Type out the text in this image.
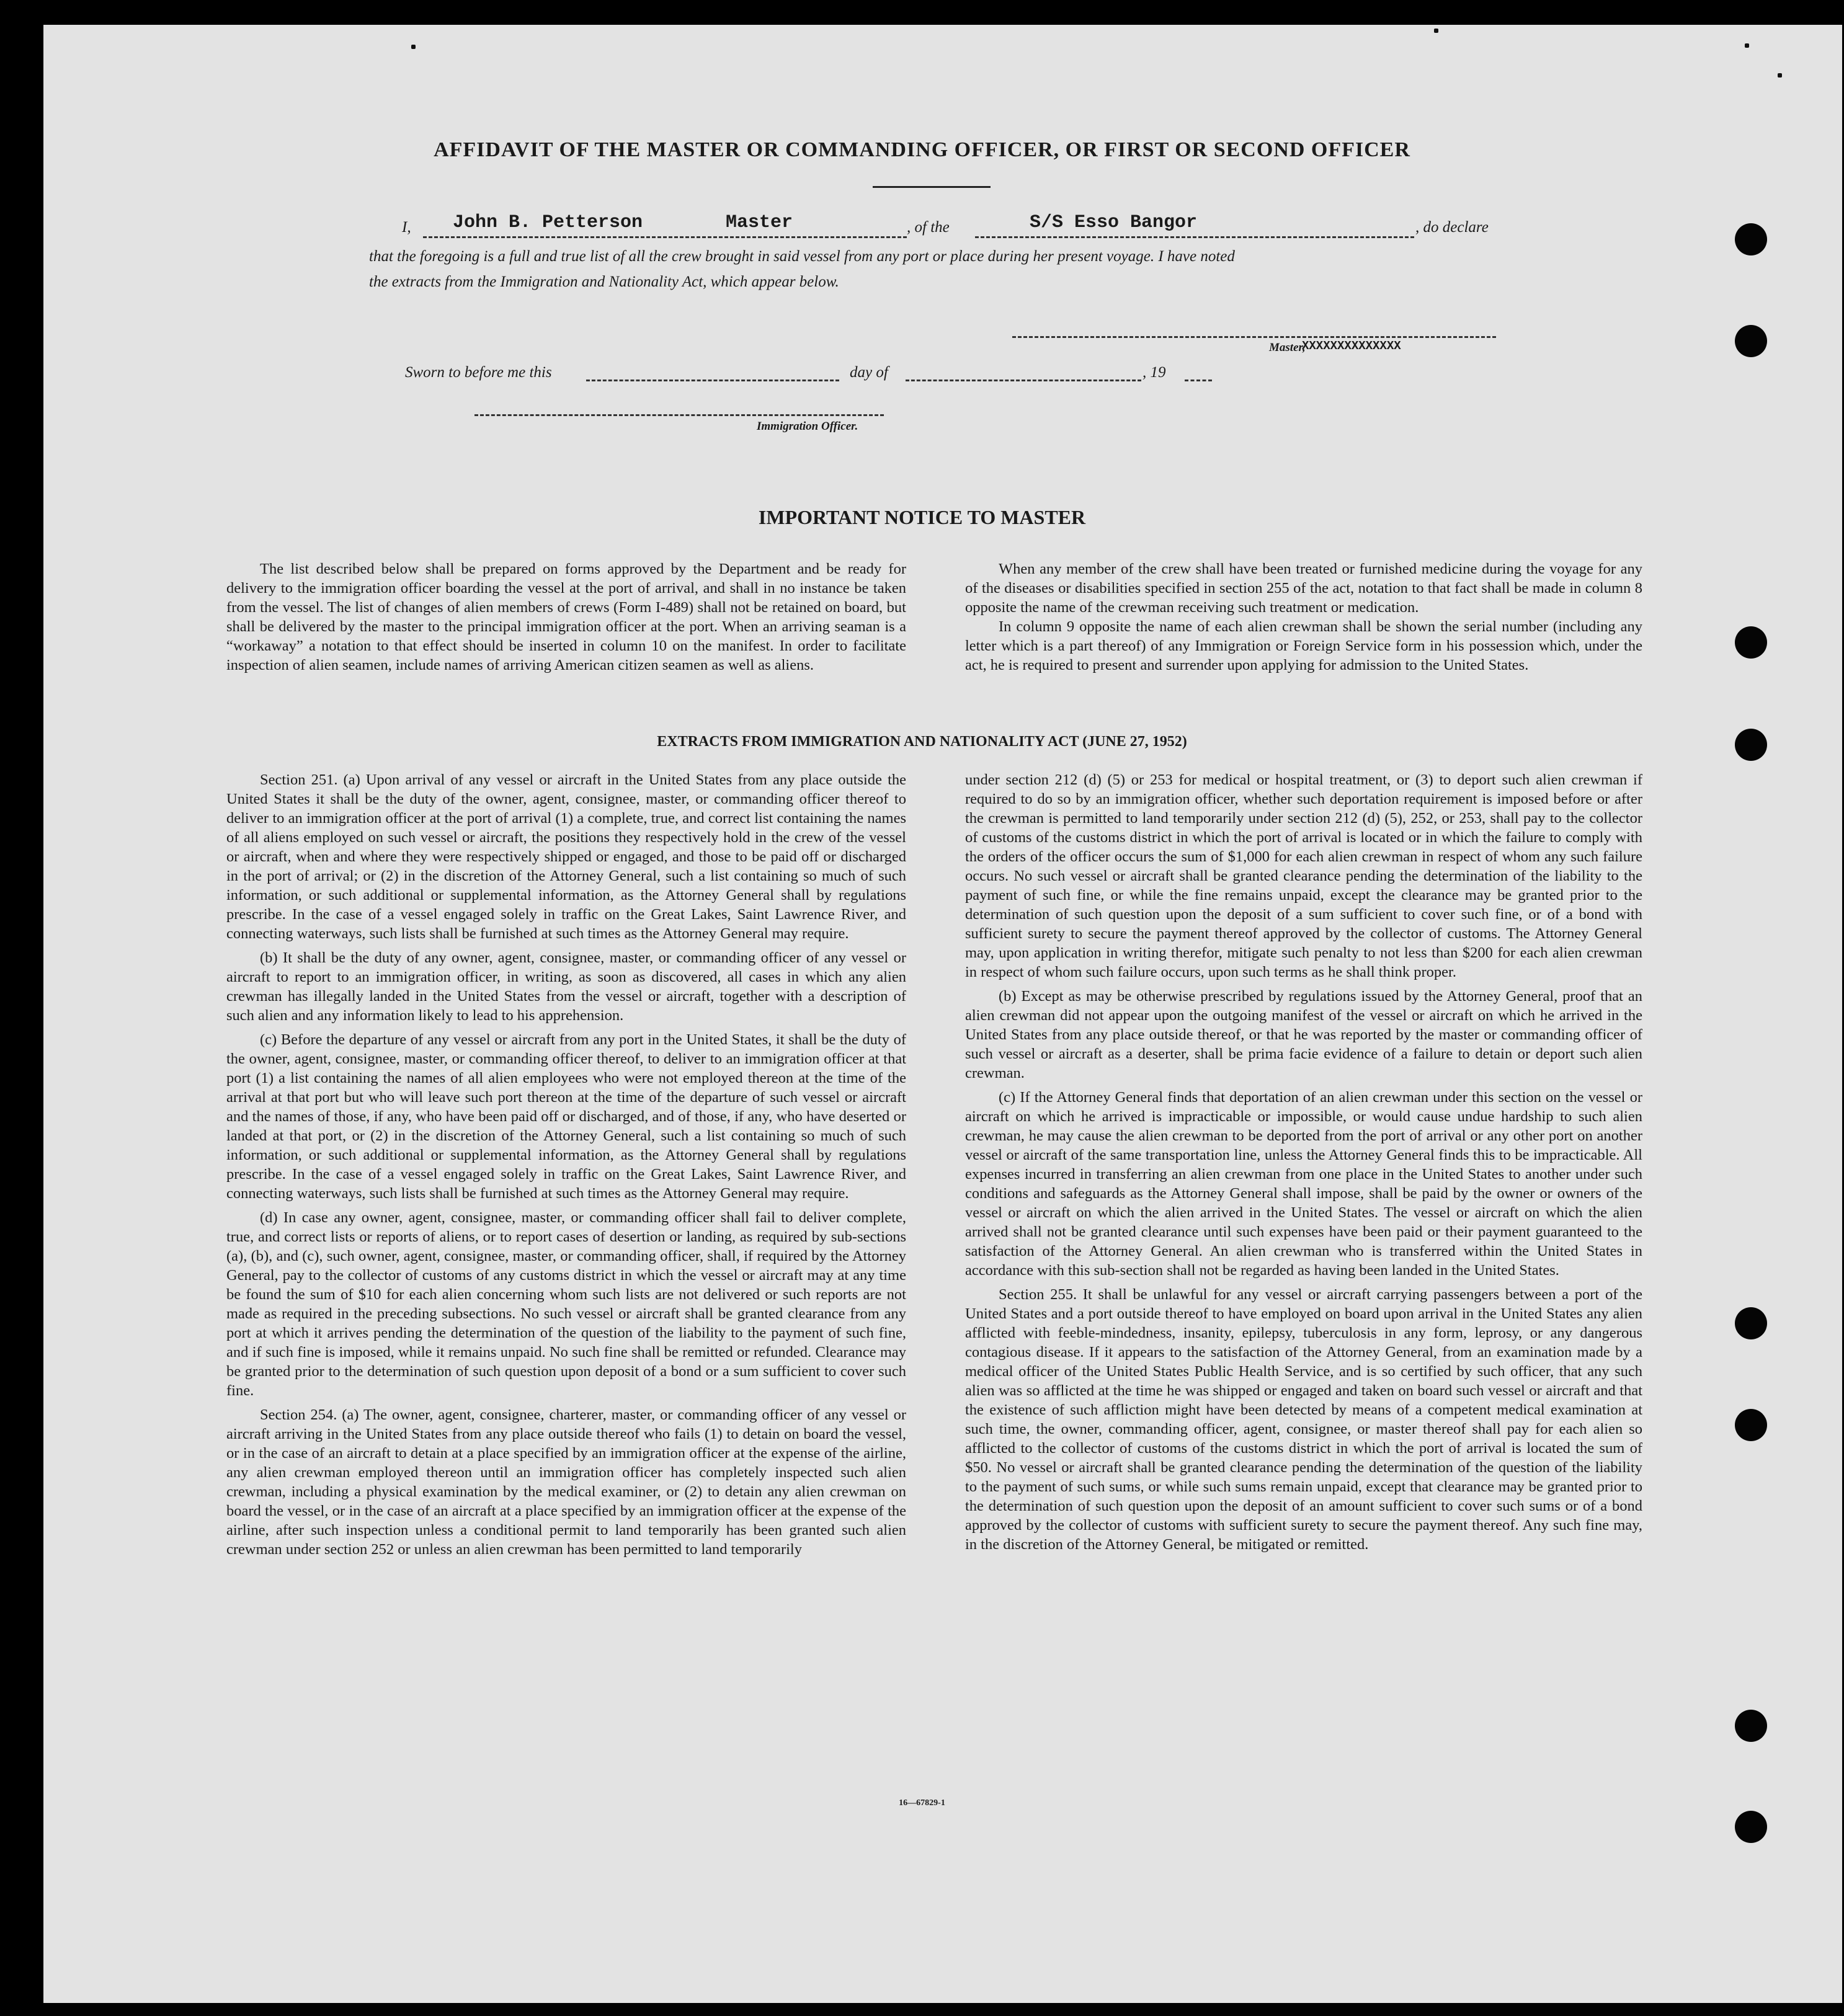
AFFIDAVIT OF THE MASTER OR COMMANDING OFFICER, OR FIRST OR SECOND OFFICER
I, John B. Petterson	Master	, of the	S/S Esso Bangor	, do declare
that the foregoing is a full and true list of all the crew brought in said vessel from any port or place during her present voyage. I have noted
the extracts from the Immigration and Nationality Act, which appear below.
Master,
XXXXXXXXXXXXXX
Sworn to before me this	day of	, 19
Immigration Officer.
IMPORTANT NOTICE TO MASTER

The list described below shall be prepared on forms approved by the Department and be ready for delivery to the immigration officer boarding the vessel at the port of arrival, and shall in no instance be taken from the vessel. The list of changes of alien members of crews (Form I-489) shall not be retained on board, but shall be delivered by the master to the principal immigration officer at the port. When an arriving seaman is a “workaway” a notation to that effect should be inserted in column 10 on the manifest. In order to facilitate inspection of alien seamen, include names of arriving American citizen seamen as well as aliens.

When any member of the crew shall have been treated or furnished medicine during the voyage for any of the diseases or disabilities specified in section 255 of the act, notation to that fact shall be made in column 8 opposite the name of the crewman receiving such treatment or medication.

In column 9 opposite the name of each alien crewman shall be shown the serial number (including any letter which is a part thereof) of any Immigration or Foreign Service form in his possession which, under the act, he is required to present and surrender upon applying for admission to the United States.

EXTRACTS FROM IMMIGRATION AND NATIONALITY ACT (JUNE 27, 1952)

Section 251. (a) Upon arrival of any vessel or aircraft in the United States from any place outside the United States it shall be the duty of the owner, agent, consignee, master, or commanding officer thereof to deliver to an immigration officer at the port of arrival (1) a complete, true, and correct list containing the names of all aliens employed on such vessel or aircraft, the positions they respectively hold in the crew of the vessel or aircraft, when and where they were respectively shipped or engaged, and those to be paid off or discharged in the port of arrival; or (2) in the discretion of the Attorney General, such a list containing so much of such information, or such additional or supplemental information, as the Attorney General shall by regulations prescribe. In the case of a vessel engaged solely in traffic on the Great Lakes, Saint Lawrence River, and connecting waterways, such lists shall be furnished at such times as the Attorney General may require.

(b) It shall be the duty of any owner, agent, consignee, master, or commanding officer of any vessel or aircraft to report to an immigration officer, in writing, as soon as discovered, all cases in which any alien crewman has illegally landed in the United States from the vessel or aircraft, together with a description of such alien and any information likely to lead to his apprehension.

(c) Before the departure of any vessel or aircraft from any port in the United States, it shall be the duty of the owner, agent, consignee, master, or commanding officer thereof, to deliver to an immigration officer at that port (1) a list containing the names of all alien employees who were not employed thereon at the time of the arrival at that port but who will leave such port thereon at the time of the departure of such vessel or aircraft and the names of those, if any, who have been paid off or discharged, and of those, if any, who have deserted or landed at that port, or (2) in the discretion of the Attorney General, such a list containing so much of such information, or such additional or supplemental information, as the Attorney General shall by regulations prescribe. In the case of a vessel engaged solely in traffic on the Great Lakes, Saint Lawrence River, and connecting waterways, such lists shall be furnished at such times as the Attorney General may require.

(d) In case any owner, agent, consignee, master, or commanding officer shall fail to deliver complete, true, and correct lists or reports of aliens, or to report cases of desertion or landing, as required by sub-sections (a), (b), and (c), such owner, agent, consignee, master, or commanding officer, shall, if required by the Attorney General, pay to the collector of customs of any customs district in which the vessel or aircraft may at any time be found the sum of $10 for each alien concerning whom such lists are not delivered or such reports are not made as required in the preceding subsections. No such vessel or aircraft shall be granted clearance from any port at which it arrives pending the determination of the question of the liability to the payment of such fine, and if such fine is imposed, while it remains unpaid. No such fine shall be remitted or refunded. Clearance may be granted prior to the determination of such question upon deposit of a bond or a sum sufficient to cover such fine.

Section 254. (a) The owner, agent, consignee, charterer, master, or commanding officer of any vessel or aircraft arriving in the United States from any place outside thereof who fails (1) to detain on board the vessel, or in the case of an aircraft to detain at a place specified by an immigration officer at the expense of the airline, any alien crewman employed thereon until an immigration officer has completely inspected such alien crewman, including a physical examination by the medical examiner, or (2) to detain any alien crewman on board the vessel, or in the case of an aircraft at a place specified by an immigration officer at the expense of the airline, after such inspection unless a conditional permit to land temporarily has been granted such alien crewman under section 252 or unless an alien crewman has been permitted to land temporarily

under section 212 (d) (5) or 253 for medical or hospital treatment, or (3) to deport such alien crewman if required to do so by an immigration officer, whether such deportation requirement is imposed before or after the crewman is permitted to land temporarily under section 212 (d) (5), 252, or 253, shall pay to the collector of customs of the customs district in which the port of arrival is located or in which the failure to comply with the orders of the officer occurs the sum of $1,000 for each alien crewman in respect of whom any such failure occurs. No such vessel or aircraft shall be granted clearance pending the determination of the liability to the payment of such fine, or while the fine remains unpaid, except the clearance may be granted prior to the determination of such question upon the deposit of a sum sufficient to cover such fine, or of a bond with sufficient surety to secure the payment thereof approved by the collector of customs. The Attorney General may, upon application in writing therefor, mitigate such penalty to not less than $200 for each alien crewman in respect of whom such failure occurs, upon such terms as he shall think proper.

(b) Except as may be otherwise prescribed by regulations issued by the Attorney General, proof that an alien crewman did not appear upon the outgoing manifest of the vessel or aircraft on which he arrived in the United States from any place outside thereof, or that he was reported by the master or commanding officer of such vessel or aircraft as a deserter, shall be prima facie evidence of a failure to detain or deport such alien crewman.

(c) If the Attorney General finds that deportation of an alien crewman under this section on the vessel or aircraft on which he arrived is impracticable or impossible, or would cause undue hardship to such alien crewman, he may cause the alien crewman to be deported from the port of arrival or any other port on another vessel or aircraft of the same transportation line, unless the Attorney General finds this to be impracticable. All expenses incurred in transferring an alien crewman from one place in the United States to another under such conditions and safeguards as the Attorney General shall impose, shall be paid by the owner or owners of the vessel or aircraft on which the alien arrived in the United States. The vessel or aircraft on which the alien arrived shall not be granted clearance until such expenses have been paid or their payment guaranteed to the satisfaction of the Attorney General. An alien crewman who is transferred within the United States in accordance with this sub-section shall not be regarded as having been landed in the United States.

Section 255. It shall be unlawful for any vessel or aircraft carrying passengers between a port of the United States and a port outside thereof to have employed on board upon arrival in the United States any alien afflicted with feeble-mindedness, insanity, epilepsy, tuberculosis in any form, leprosy, or any dangerous contagious disease. If it appears to the satisfaction of the Attorney General, from an examination made by a medical officer of the United States Public Health Service, and is so certified by such officer, that any such alien was so afflicted at the time he was shipped or engaged and taken on board such vessel or aircraft and that the existence of such affliction might have been detected by means of a competent medical examination at such time, the owner, commanding officer, agent, consignee, or master thereof shall pay for each alien so afflicted to the collector of customs of the customs district in which the port of arrival is located the sum of $50. No vessel or aircraft shall be granted clearance pending the determination of the question of the liability to the payment of such sums, or while such sums remain unpaid, except that clearance may be granted prior to the determination of such question upon the deposit of an amount sufficient to cover such sums or of a bond approved by the collector of customs with sufficient surety to secure the payment thereof. Any such fine may, in the discretion of the Attorney General, be mitigated or remitted.

16—67829-1
